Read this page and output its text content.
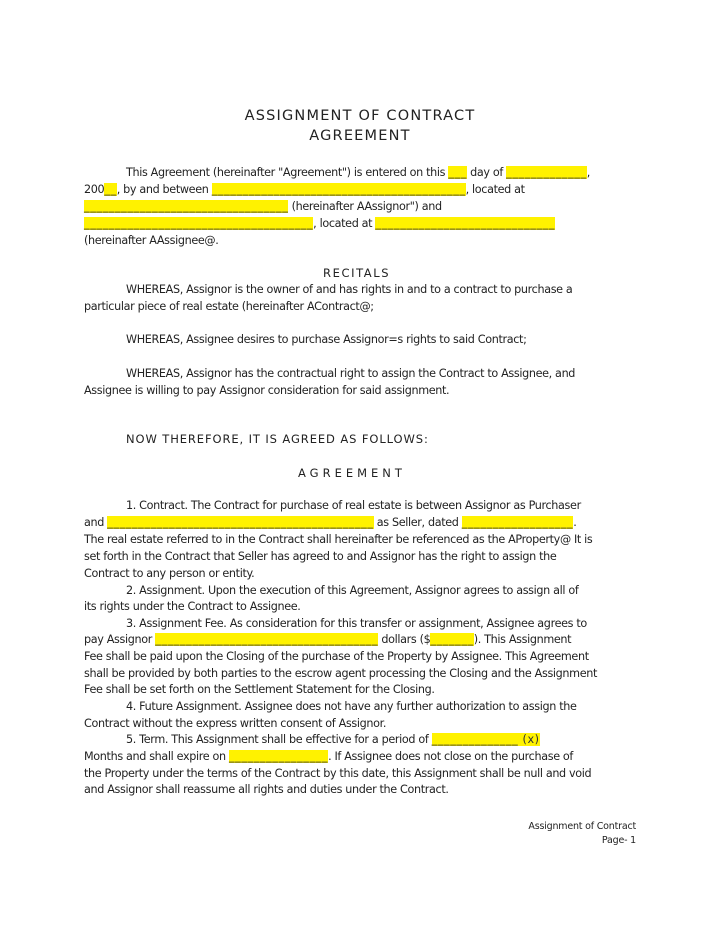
ASSIGNMENT OF CONTRACT
AGREEMENT
This Agreement (hereinafter "Agreement") is entered on this ___ day of _____________,
200__, by and between _________________________________________, located at
_________________________________ (hereinafter AAssignor") and
_____________________________________, located at _____________________________
(hereinafter AAssignee@.
RECITALS
WHEREAS, Assignor is the owner of and has rights in and to a contract to purchase a
particular piece of real estate (hereinafter AContract@;
WHEREAS, Assignee desires to purchase Assignor=s rights to said Contract;
WHEREAS, Assignor has the contractual right to assign the Contract to Assignee, and
Assignee is willing to pay Assignor consideration for said assignment.
NOW THEREFORE, IT IS AGREED AS FOLLOWS:
AGREEMENT
1. Contract. The Contract for purchase of real estate is between Assignor as Purchaser
and ___________________________________________ as Seller, dated __________________.
The real estate referred to in the Contract shall hereinafter be referenced as the AProperty@ It is
set forth in the Contract that Seller has agreed to and Assignor has the right to assign the
Contract to any person or entity.
2. Assignment. Upon the execution of this Agreement, Assignor agrees to assign all of
its rights under the Contract to Assignee.
3. Assignment Fee. As consideration for this transfer or assignment, Assignee agrees to
pay Assignor ____________________________________ dollars ($_______). This Assignment
Fee shall be paid upon the Closing of the purchase of the Property by Assignee. This Agreement
shall be provided by both parties to the escrow agent processing the Closing and the Assignment
Fee shall be set forth on the Settlement Statement for the Closing.
4. Future Assignment. Assignee does not have any further authorization to assign the
Contract without the express written consent of Assignor.
5. Term. This Assignment shall be effective for a period of ______________ (x)
Months and shall expire on ________________. If Assignee does not close on the purchase of
the Property under the terms of the Contract by this date, this Assignment shall be null and void
and Assignor shall reassume all rights and duties under the Contract.
Assignment of Contract
Page- 1
